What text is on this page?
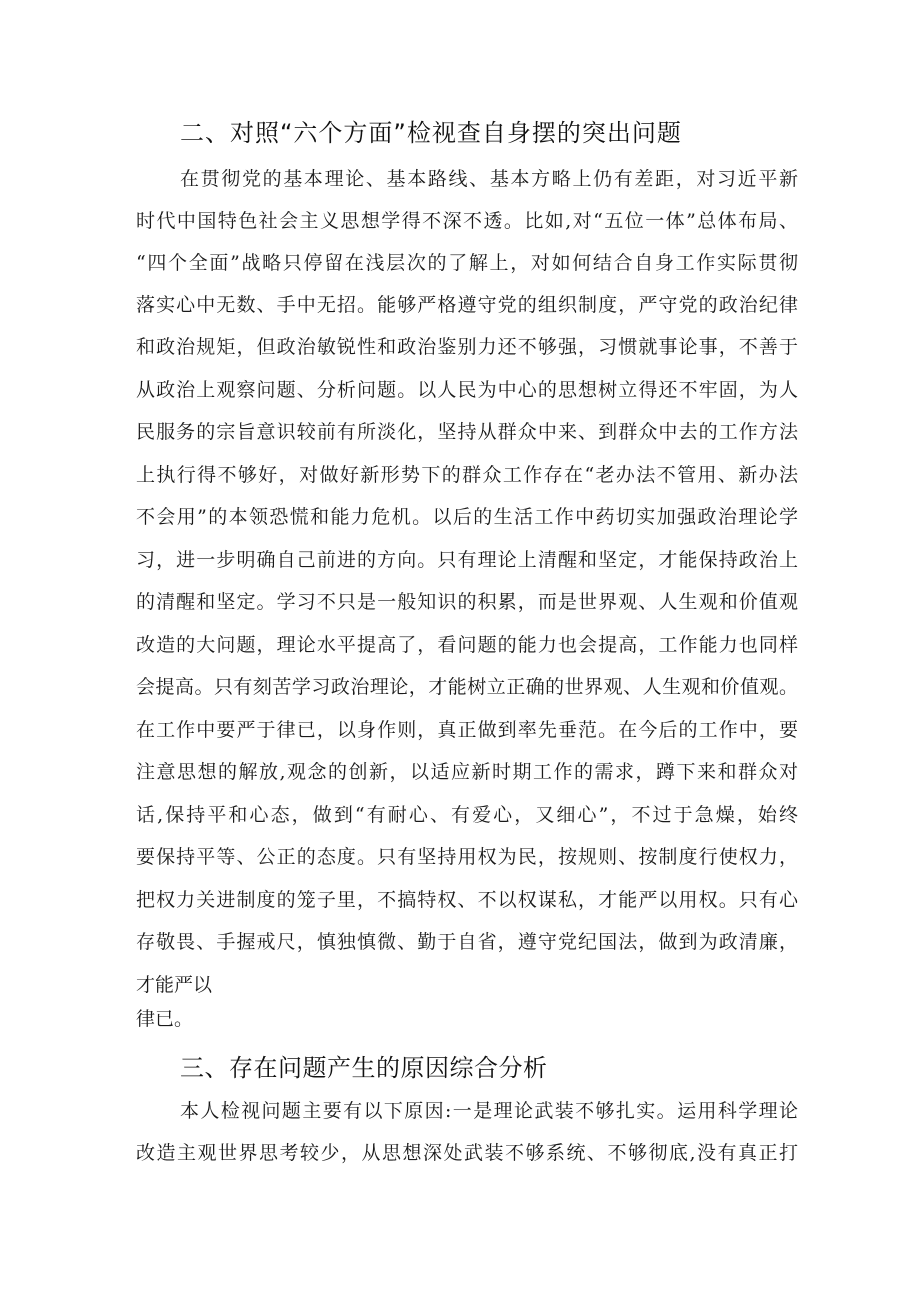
二、对照“六个方面”检视查自身摆的突出问题

在贯彻党的基本理论、基本路线、基本方略上仍有差距，对习近平新

时代中国特色社会主义思想学得不深不透。比如,对“五位一体”总体布局、

“四个全面”战略只停留在浅层次的了解上，对如何结合自身工作实际贯彻

落实心中无数、手中无招。能够严格遵守党的组织制度，严守党的政治纪律

和政治规矩，但政治敏锐性和政治鉴别力还不够强，习惯就事论事，不善于

从政治上观察问题、分析问题。以人民为中心的思想树立得还不牢固，为人

民服务的宗旨意识较前有所淡化，坚持从群众中来、到群众中去的工作方法

上执行得不够好，对做好新形势下的群众工作存在“老办法不管用、新办法

不会用”的本领恐慌和能力危机。以后的生活工作中药切实加强政治理论学

习，进一步明确自己前进的方向。只有理论上清醒和坚定，才能保持政治上

的清醒和坚定。学习不只是一般知识的积累，而是世界观、人生观和价值观

改造的大问题，理论水平提高了，看问题的能力也会提高，工作能力也同样

会提高。只有刻苦学习政治理论，才能树立正确的世界观、人生观和价值观。

在工作中要严于律已，以身作则，真正做到率先垂范。在今后的工作中，要

注意思想的解放,观念的创新，以适应新时期工作的需求，蹲下来和群众对

话,保持平和心态，做到“有耐心、有爱心，又细心”，不过于急燥，始终

要保持平等、公正的态度。只有坚持用权为民，按规则、按制度行使权力，

把权力关进制度的笼子里，不搞特权、不以权谋私，才能严以用权。只有心

存敬畏、手握戒尺，慎独慎微、勤于自省，遵守党纪国法，做到为政清廉，

才能严以

律已。

三、存在问题产生的原因综合分析

本人检视问题主要有以下原因:一是理论武装不够扎实。运用科学理论

改造主观世界思考较少，从思想深处武装不够系统、不够彻底,没有真正打
